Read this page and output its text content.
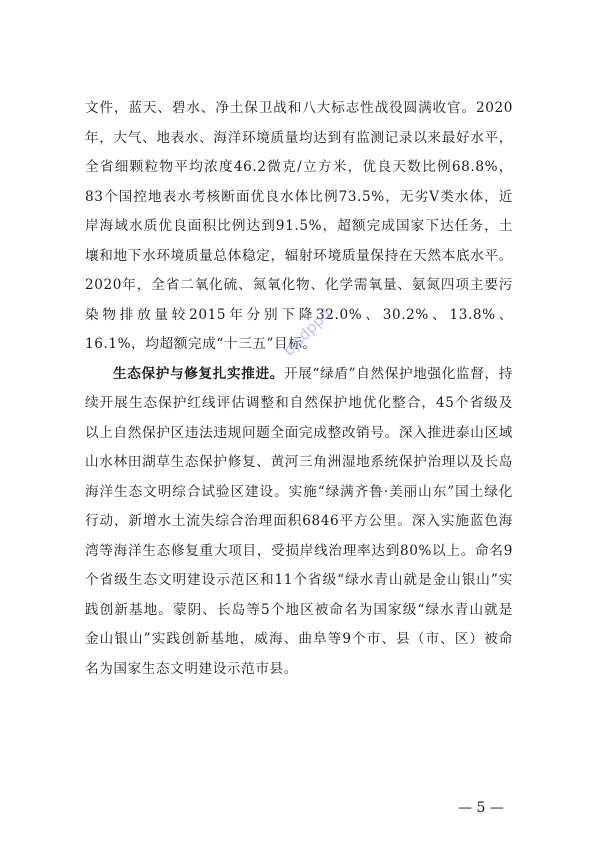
文件，蓝天、碧水、净土保卫战和八大标志性战役圆满收官。2020年，大气、地表水、海洋环境质量均达到有监测记录以来最好水平，全省细颗粒物平均浓度46.2微克/立方米，优良天数比例68.8%，83个国控地表水考核断面优良水体比例73.5%，无劣Ⅴ类水体，近岸海域水质优良面积比例达到91.5%，超额完成国家下达任务，土壤和地下水环境质量总体稳定，辐射环境质量保持在天然本底水平。2020年，全省二氧化硫、氮氧化物、化学需氧量、氨氮四项主要污染物排放量较2015年分别下降32.0%、30.2%、13.8%、16.1%，均超额完成“十三五”目标。

生态保护与修复扎实推进。开展“绿盾”自然保护地强化监督，持续开展生态保护红线评估调整和自然保护地优化整合，45个省级及以上自然保护区违法违规问题全面完成整改销号。深入推进泰山区域山水林田湖草生态保护修复、黄河三角洲湿地系统保护治理以及长岛海洋生态文明综合试验区建设。实施“绿满齐鲁·美丽山东”国土绿化行动，新增水土流失综合治理面积6846平方公里。深入实施蓝色海湾等海洋生态修复重大项目，受损岸线治理率达到80%以上。命名9个省级生态文明建设示范区和11个省级“绿水青山就是金山银山”实践创新基地。蒙阴、长岛等5个地区被命名为国家级“绿水青山就是金山银山”实践创新基地，威海、曲阜等9个市、县（市、区）被命名为国家生态文明建设示范市县。

bjsdppd
— 5 —
